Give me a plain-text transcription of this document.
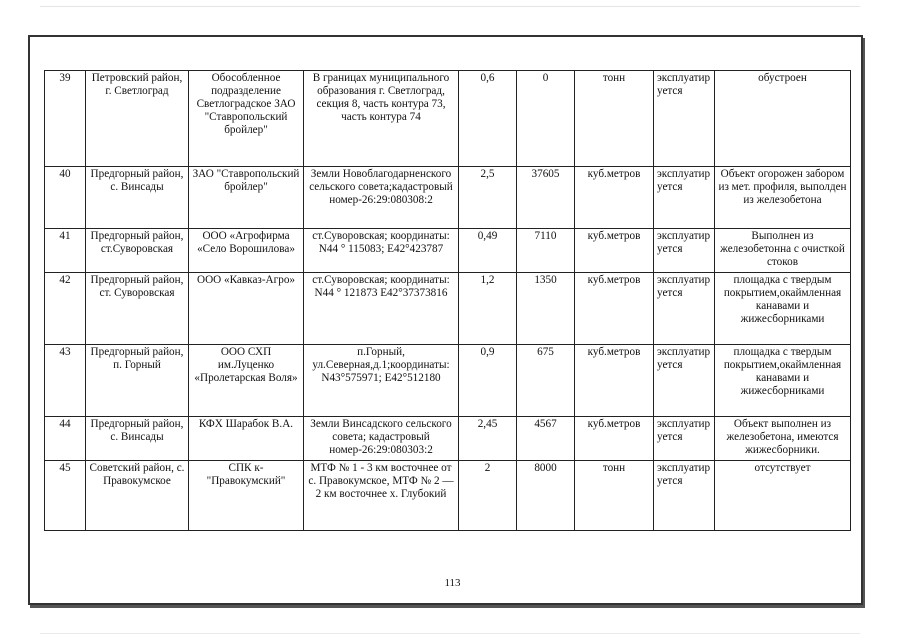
39	Петровский район, г. Светлоград	Обособленное подразделение Светлоградское ЗАО "Ставропольский бройлер"	В границах муниципального образования г. Светлоград, секция 8, часть контура 73, часть контура 74	0,6	0	тонн	эксплуатируется	обустроен
40	Предгорный район, с. Винсады	ЗАО "Ставропольский бройлер"	Земли Новоблагодарненского сельского совета;кадастровый номер-26:29:080308:2	2,5	37605	куб.метров	эксплуатируется	Объект огорожен забором из мет. профиля, выполден из железобетона
41	Предгорный район, ст.Суворовская	ООО «Агрофирма «Село Ворошилова»	ст.Суворовская; координаты: N44 ° 115083; E42°423787	0,49	7110	куб.метров	эксплуатируется	Выполнен из железобетонна с очисткой стоков
42	Предгорный район, ст. Суворовская	ООО «Кавказ-Агро»	ст.Суворовская; координаты: N44 ° 121873 E42°37373816	1,2	1350	куб.метров	эксплуатируется	площадка с твердым покрытием,окаймленная канавами и жижесборниками
43	Предгорный район, п. Горный	ООО СХП им.Луценко «Пролетарская Воля»	п.Горный, ул.Северная,д.1;координаты: N43°575971; E42°512180	0,9	675	куб.метров	эксплуатируется	площадка с твердым покрытием,окаймленная канавами и жижесборниками
44	Предгорный район, с. Винсады	КФХ Шарабок В.А.	Земли Винсадского сельского совета; кадастровый номер-26:29:080303:2	2,45	4567	куб.метров	эксплуатируется	Объект выполнен из железобетона, имеются жижесборники.
45	Советский район, с. Правокумское	СПК к- "Правокумский"	МТФ № 1 - 3 км восточнее от с. Правокумское, МТФ № 2 — 2 км восточнее х. Глубокий	2	8000	тонн	эксплуатируется	отсутствует
113
